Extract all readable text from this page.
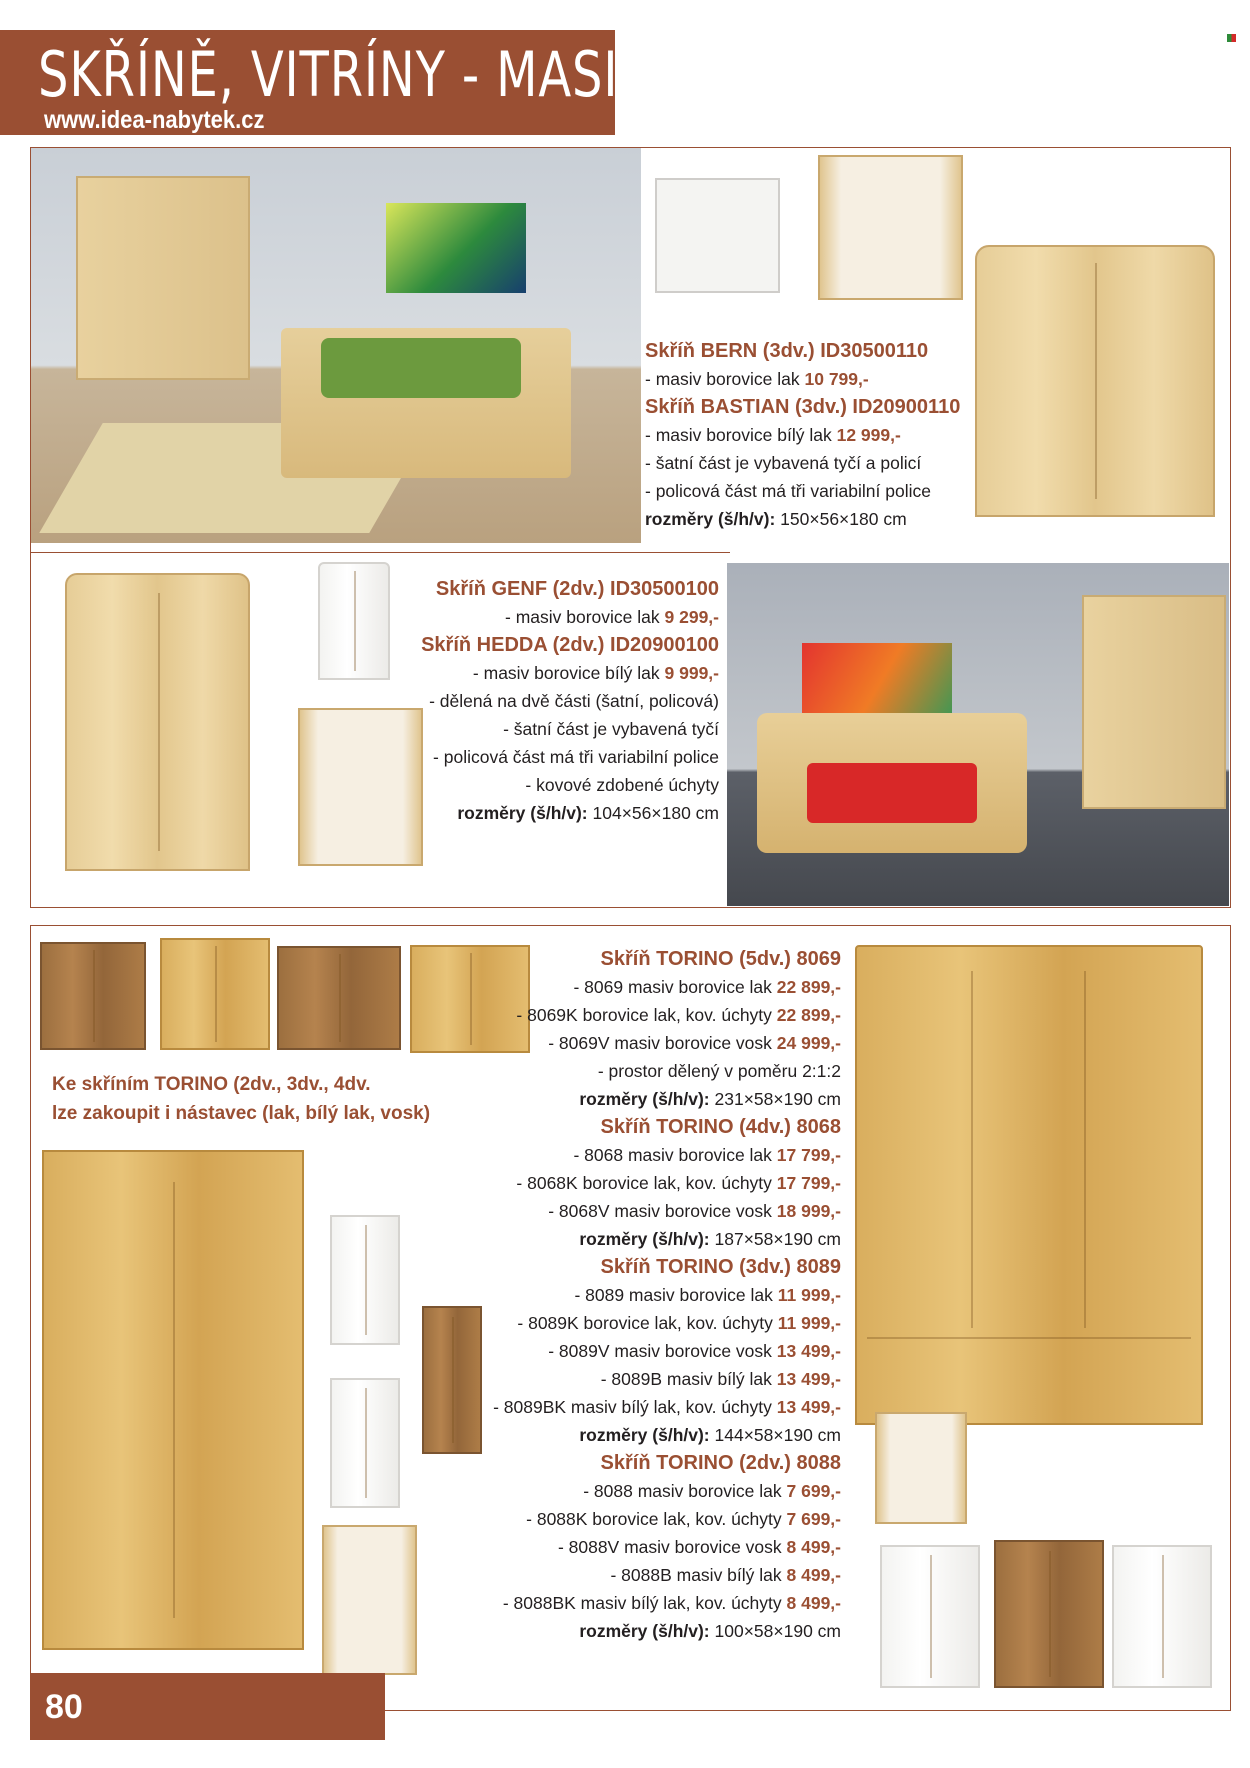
SKŘÍNĚ, VITRÍNY - MASIV
www.idea-nabytek.cz
Skříň BERN (3dv.) ID30500110
- masiv borovice lak 10 799,-
Skříň BASTIAN (3dv.) ID20900110
- masiv borovice bílý lak 12 999,-
- šatní část je vybavená tyčí a policí
- policová část má tři variabilní police
rozměry (š/h/v): 150×56×180 cm
Skříň GENF (2dv.) ID30500100
- masiv borovice lak 9 299,-
Skříň HEDDA (2dv.) ID20900100
- masiv borovice bílý lak 9 999,-
- dělená na dvě části (šatní, policová)
- šatní část je vybavená tyčí
- policová část má tři variabilní police
- kovové zdobené úchyty
rozměry (š/h/v): 104×56×180 cm
Ke skříním TORINO (2dv., 3dv., 4dv.
lze zakoupit i nástavec (lak, bílý lak, vosk)
Skříň TORINO (5dv.) 8069
- 8069 masiv borovice lak 22 899,-
- 8069K borovice lak, kov. úchyty 22 899,-
- 8069V masiv borovice vosk 24 999,-
- prostor dělený v poměru 2:1:2
rozměry (š/h/v): 231×58×190 cm
Skříň TORINO (4dv.) 8068
- 8068 masiv borovice lak 17 799,-
- 8068K borovice lak, kov. úchyty 17 799,-
- 8068V masiv borovice vosk 18 999,-
rozměry (š/h/v): 187×58×190 cm
Skříň TORINO (3dv.) 8089
- 8089 masiv borovice lak 11 999,-
- 8089K borovice lak, kov. úchyty 11 999,-
- 8089V masiv borovice vosk 13 499,-
- 8089B masiv bílý lak 13 499,-
- 8089BK masiv bílý lak, kov. úchyty 13 499,-
rozměry (š/h/v): 144×58×190 cm
Skříň TORINO (2dv.) 8088
- 8088 masiv borovice lak 7 699,-
- 8088K borovice lak, kov. úchyty 7 699,-
- 8088V masiv borovice vosk 8 499,-
- 8088B masiv bílý lak 8 499,-
- 8088BK masiv bílý lak, kov. úchyty 8 499,-
rozměry (š/h/v): 100×58×190 cm
80
